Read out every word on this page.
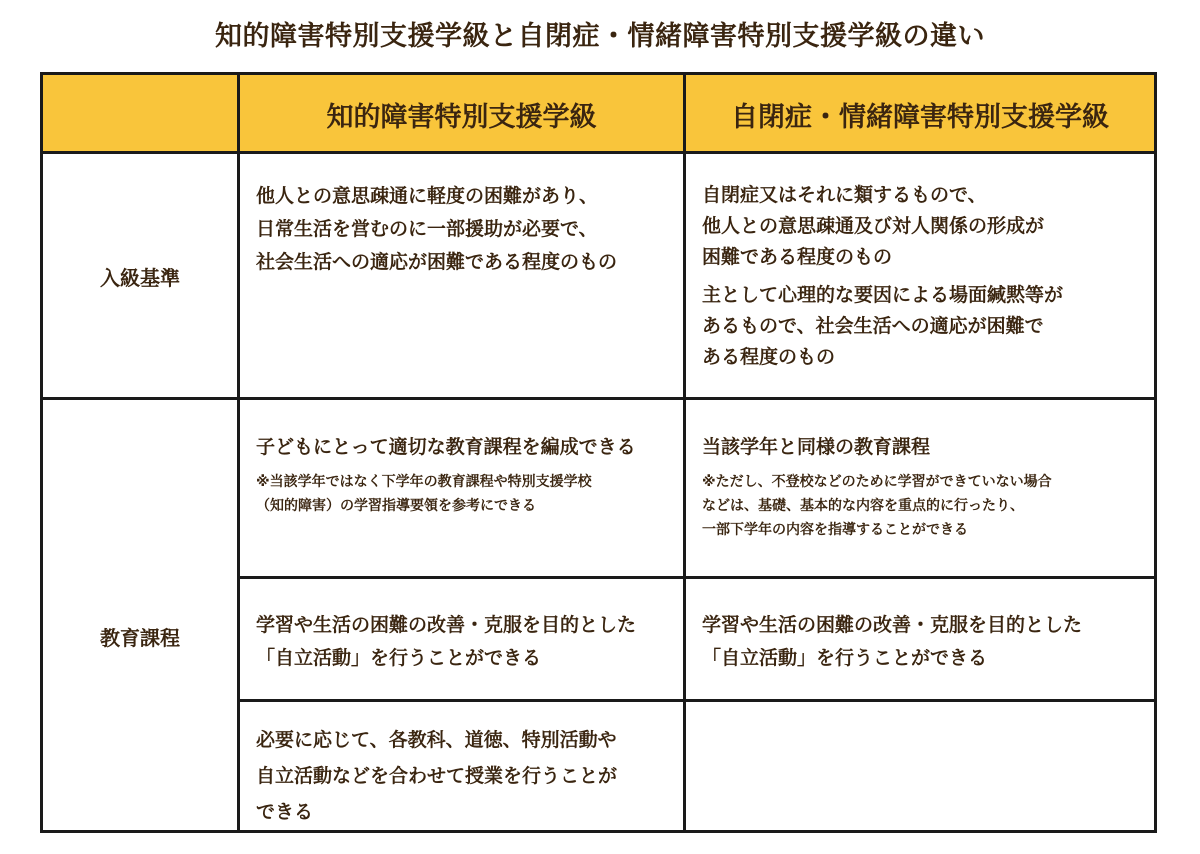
知的障害特別支援学級と自閉症・情緒障害特別支援学級の違い
知的障害特別支援学級	自閉症・情緒障害特別支援学級
入級基準
他人との意思疎通に軽度の困難があり、
日常生活を営むのに一部援助が必要で、
社会生活への適応が困難である程度のもの
自閉症又はそれに類するもので、
他人との意思疎通及び対人関係の形成が
困難である程度のもの
主として心理的な要因による場面緘黙等が
あるもので、社会生活への適応が困難で
ある程度のもの
教育課程
子どもにとって適切な教育課程を編成できる
※当該学年ではなく下学年の教育課程や特別支援学校
（知的障害）の学習指導要領を参考にできる
当該学年と同様の教育課程
※ただし、不登校などのために学習ができていない場合
などは、基礎、基本的な内容を重点的に行ったり、
一部下学年の内容を指導することができる
学習や生活の困難の改善・克服を目的とした
「自立活動」を行うことができる
学習や生活の困難の改善・克服を目的とした
「自立活動」を行うことができる
必要に応じて、各教科、道徳、特別活動や
自立活動などを合わせて授業を行うことが
できる
